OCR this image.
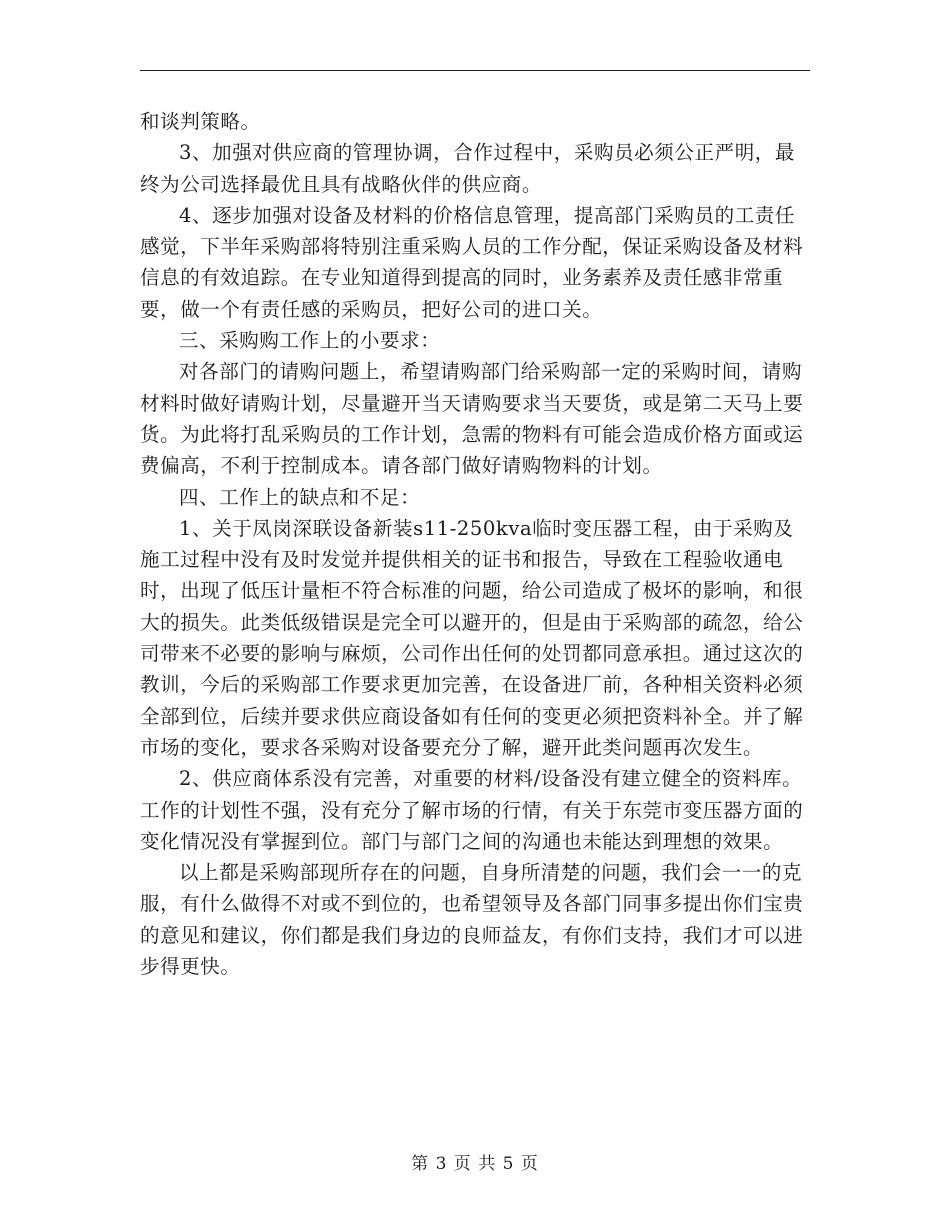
和谈判策略。

3、加强对供应商的管理协调，合作过程中，采购员必须公正严明，最终为公司选择最优且具有战略伙伴的供应商。

4、逐步加强对设备及材料的价格信息管理，提高部门采购员的工责任感觉，下半年采购部将特别注重采购人员的工作分配，保证采购设备及材料信息的有效追踪。在专业知道得到提高的同时，业务素养及责任感非常重要，做一个有责任感的采购员，把好公司的进口关。

三、采购购工作上的小要求：

对各部门的请购问题上，希望请购部门给采购部一定的采购时间，请购材料时做好请购计划，尽量避开当天请购要求当天要货，或是第二天马上要货。为此将打乱采购员的工作计划，急需的物料有可能会造成价格方面或运费偏高，不利于控制成本。请各部门做好请购物料的计划。

四、工作上的缺点和不足：

1、关于凤岗深联设备新装s11-250kva临时变压器工程，由于采购及施工过程中没有及时发觉并提供相关的证书和报告，导致在工程验收通电时，出现了低压计量柜不符合标准的问题，给公司造成了极坏的影响，和很大的损失。此类低级错误是完全可以避开的，但是由于采购部的疏忽，给公司带来不必要的影响与麻烦，公司作出任何的处罚都同意承担。通过这次的教训，今后的采购部工作要求更加完善，在设备进厂前，各种相关资料必须全部到位，后续并要求供应商设备如有任何的变更必须把资料补全。并了解市场的变化，要求各采购对设备要充分了解，避开此类问题再次发生。

2、供应商体系没有完善，对重要的材料/设备没有建立健全的资料库。工作的计划性不强，没有充分了解市场的行情，有关于东莞市变压器方面的变化情况没有掌握到位。部门与部门之间的沟通也未能达到理想的效果。

以上都是采购部现所存在的问题，自身所清楚的问题，我们会一一的克服，有什么做得不对或不到位的，也希望领导及各部门同事多提出你们宝贵的意见和建议，你们都是我们身边的良师益友，有你们支持，我们才可以进步得更快。

第 3 页 共 5 页
